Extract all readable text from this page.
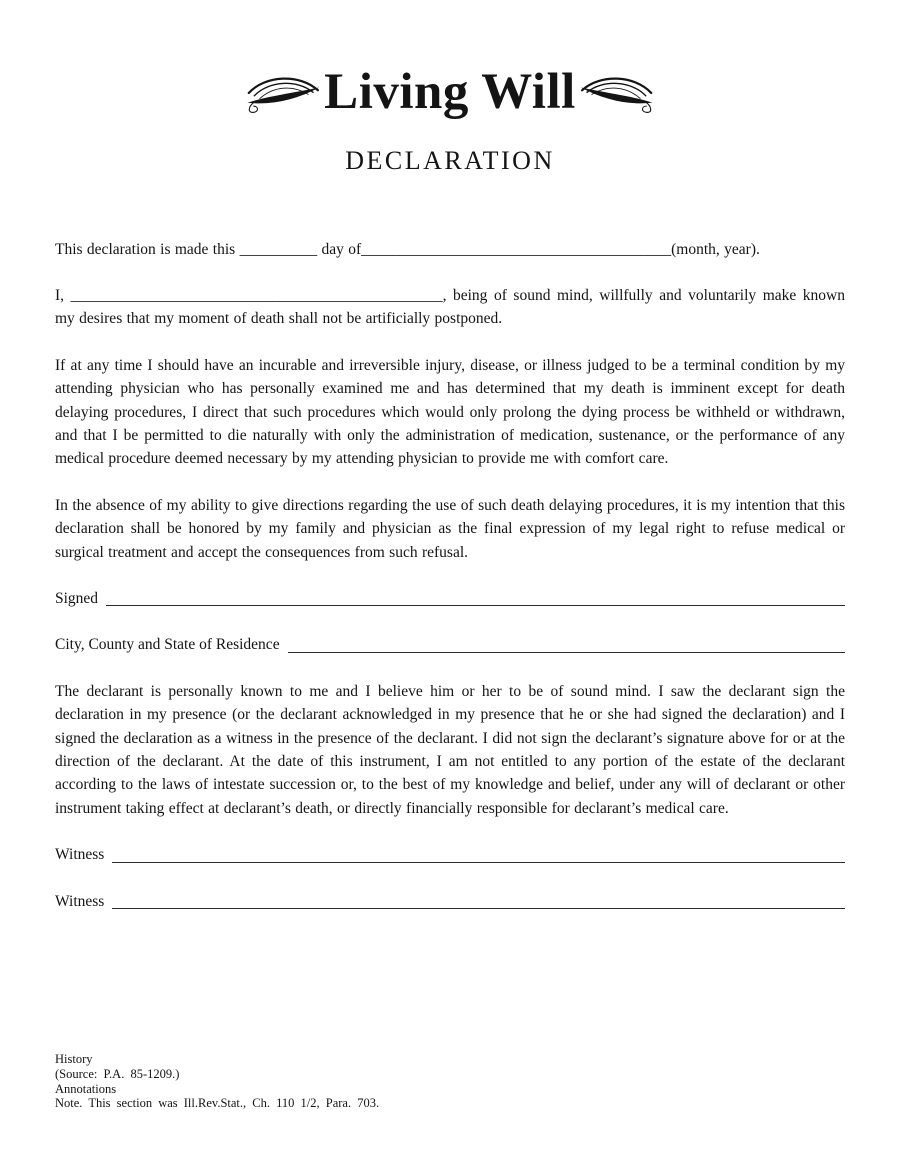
Living Will
DECLARATION

This declaration is made this __________ day of________________________________________(month, year).

I, ________________________________________________, being of sound mind, willfully and voluntarily make known my desires that my moment of death shall not be artificially postponed.

If at any time I should have an incurable and irreversible injury, disease, or illness judged to be a terminal condition by my attending physician who has personally examined me and has determined that my death is imminent except for death delaying procedures, I direct that such procedures which would only prolong the dying process be withheld or withdrawn, and that I be permitted to die naturally with only the administration of medication, sustenance, or the performance of any medical procedure deemed necessary by my attending physician to provide me with comfort care.

In the absence of my ability to give directions regarding the use of such death delaying procedures, it is my intention that this declaration shall be honored by my family and physician as the final expression of my legal right to refuse medical or surgical treatment and accept the consequences from such refusal.

Signed
City, County and State of Residence

The declarant is personally known to me and I believe him or her to be of sound mind. I saw the declarant sign the declaration in my presence (or the declarant acknowledged in my presence that he or she had signed the declaration) and I signed the declaration as a witness in the presence of the declarant. I did not sign the declarant’s signature above for or at the direction of the declarant. At the date of this instrument, I am not entitled to any portion of the estate of the declarant according to the laws of intestate succession or, to the best of my knowledge and belief, under any will of declarant or other instrument taking effect at declarant’s death, or directly financially responsible for declarant’s medical care.

Witness
Witness
History
(Source: P.A. 85-1209.)
Annotations
Note. This section was Ill.Rev.Stat., Ch. 110 1/2, Para. 703.
